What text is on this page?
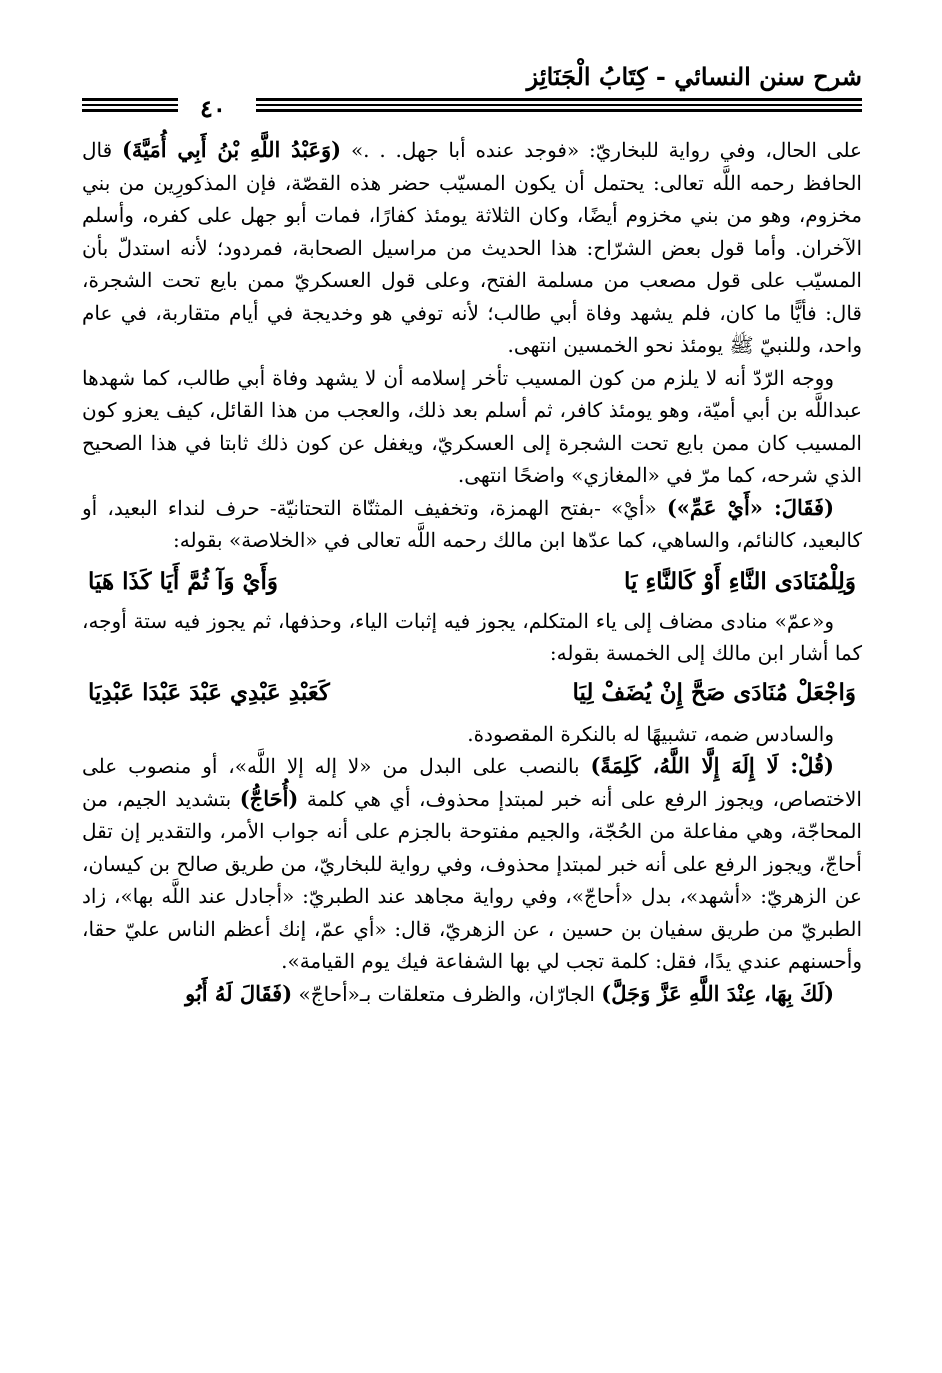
شرح سنن النسائي - كِتَابُ الْجَنَائِز
٤٠

على الحال، وفي رواية للبخاريّ: «فوجد عنده أبا جهل. . .» (وَعَبْدُ اللَّهِ بْنُ أَبِي أُمَيَّةَ) قال الحافظ رحمه اللَّه تعالى: يحتمل أن يكون المسيّب حضر هذه القصّة، فإن المذكورِين من بني مخزوم، وهو من بني مخزوم أيضًا، وكان الثلاثة يومئذ كفارًا، فمات أبو جهل على كفره، وأسلم الآخران. وأما قول بعض الشرّاح: هذا الحديث من مراسيل الصحابة، فمردود؛ لأنه استدلّ بأن المسيّب على قول مصعب من مسلمة الفتح، وعلى قول العسكريّ ممن بايع تحت الشجرة، قال: فأيًّا ما كان، فلم يشهد وفاة أبي طالب؛ لأنه توفي هو وخديجة في أيام متقاربة، في عام واحد، وللنبيّ ﷺ يومئذ نحو الخمسين انتهى.

ووجه الرّدّ أنه لا يلزم من كون المسيب تأخر إسلامه أن لا يشهد وفاة أبي طالب، كما شهدها عبداللَّه بن أبي أميّة، وهو يومئذ كافر، ثم أسلم بعد ذلك، والعجب من هذا القائل، كيف يعزو كون المسيب كان ممن بايع تحت الشجرة إلى العسكريّ، ويغفل عن كون ذلك ثابتا في هذا الصحيح الذي شرحه، كما مرّ في «المغازي» واضحًا انتهى.

(فَقَالَ: «أَيْ عَمِّ») «أيْ» -بفتح الهمزة، وتخفيف المثنّاة التحتانيّة- حرف لنداء البعيد، أو كالبعيد، كالنائم، والساهي، كما عدّها ابن مالك رحمه اللَّه تعالى في «الخلاصة» بقوله:

وَلِلْمُنَادَى النَّاءِ أَوْ كَالنَّاءِ يَا
وَأَيْ وَآ ثُمَّ أَيَا كَذَا هَيَا

و«عمّ» منادى مضاف إلى ياء المتكلم، يجوز فيه إثبات الياء، وحذفها، ثم يجوز فيه ستة أوجه، كما أشار ابن مالك إلى الخمسة بقوله:

وَاجْعَلْ مُنَادَى صَحَّ إِنْ يُضَفْ لِيَا
كَعَبْدِ عَبْدِي عَبْدَ عَبْدَا عَبْدِيَا

والسادس ضمه، تشبيهًا له بالنكرة المقصودة.

(قُلْ: لَا إِلَهَ إِلَّا اللَّهُ، كَلِمَةً) بالنصب على البدل من «لا إله إلا اللَّه»، أو منصوب على الاختصاص، ويجوز الرفع على أنه خبر لمبتدإ محذوف، أي هي كلمة (أُحَاجُّ) بتشديد الجيم، من المحاجّة، وهي مفاعلة من الحُجّة، والجيم مفتوحة بالجزم على أنه جواب الأمر، والتقدير إن تقل أحاجّ، ويجوز الرفع على أنه خبر لمبتدإ محذوف، وفي رواية للبخاريّ، من طريق صالح بن كيسان، عن الزهريّ: «أشهد»، بدل «أحاجّ»، وفي رواية مجاهد عند الطبريّ: «أجادل عند اللَّه بها»، زاد الطبريّ من طريق سفيان بن حسين ، عن الزهريّ، قال: «أي عمّ، إنك أعظم الناس عليّ حقا، وأحسنهم عندي يدًا، فقل: كلمة تجب لي بها الشفاعة فيك يوم القيامة».

(لَكَ بِهَا، عِنْدَ اللَّهِ عَزَّ وَجَلَّ) الجارّان، والظرف متعلقات بـ«أحاجّ» (فَقَالَ لَهُ أَبُو
